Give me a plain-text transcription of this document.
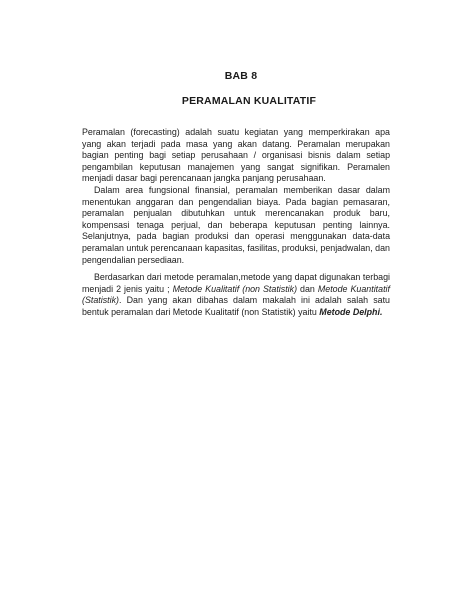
BAB 8
PERAMALAN KUALITATIF

Peramalan (forecasting) adalah suatu kegiatan yang memperkirakan apa yang akan terjadi pada masa yang akan datang. Peramalan merupakan bagian penting bagi setiap perusahaan / organisasi bisnis dalam setiap pengambilan keputusan manajemen yang sangat signifikan. Peramalen menjadi dasar bagi perencanaan jangka panjang perusahaan.

Dalam area fungsional finansial, peramalan memberikan dasar dalam menentukan anggaran dan pengendalian biaya. Pada bagian pemasaran, peramalan penjualan dibutuhkan untuk merencanakan produk baru, kompensasi tenaga perjual, dan beberapa keputusan penting lainnya. Selanjutnya, pada bagian produksi dan operasi menggunakan data-data peramalan untuk perencanaan kapasitas, fasilitas, produksi, penjadwalan, dan pengendalian persediaan.

Berdasarkan dari metode peramalan,metode yang dapat digunakan terbagi menjadi 2 jenis yaitu ; Metode Kualitatif (non Statistik) dan Metode Kuantitatif (Statistik). Dan yang akan dibahas dalam makalah ini adalah salah satu bentuk peramalan dari Metode Kualitatif (non Statistik) yaitu Metode Delphi.
